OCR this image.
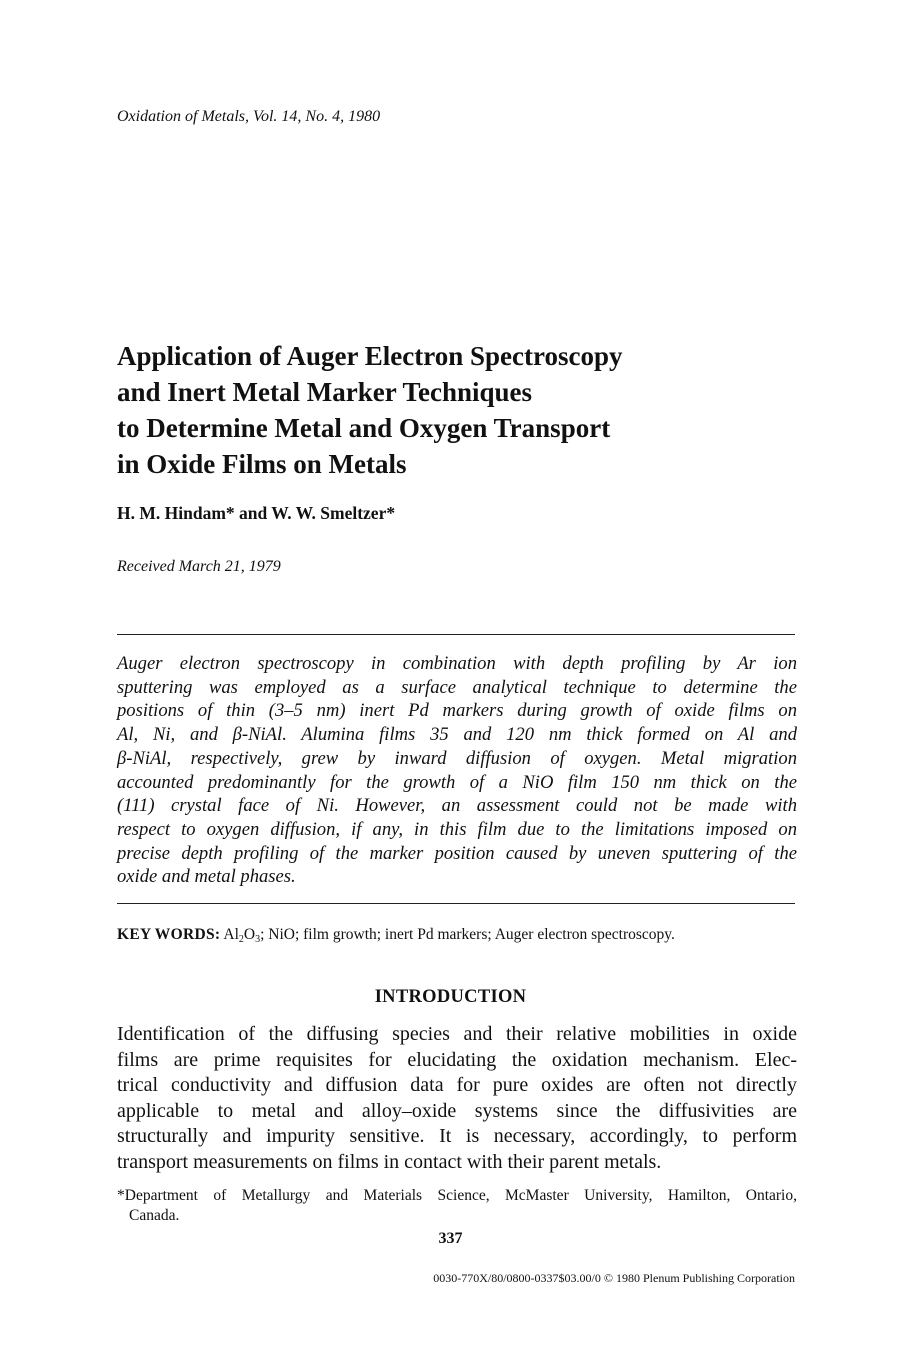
Oxidation of Metals, Vol. 14, No. 4, 1980
Application of Auger Electron Spectroscopy
and Inert Metal Marker Techniques
to Determine Metal and Oxygen Transport
in Oxide Films on Metals
H. M. Hindam* and W. W. Smeltzer*
Received March 21, 1979
Auger electron spectroscopy in combination with depth profiling by Ar ion
sputtering was employed as a surface analytical technique to determine the
positions of thin (3–5 nm) inert Pd markers during growth of oxide films on
Al, Ni, and β-NiAl. Alumina films 35 and 120 nm thick formed on Al and
β-NiAl, respectively, grew by inward diffusion of oxygen. Metal migration
accounted predominantly for the growth of a NiO film 150 nm thick on the
(111) crystal face of Ni. However, an assessment could not be made with
respect to oxygen diffusion, if any, in this film due to the limitations imposed on
precise depth profiling of the marker position caused by uneven sputtering of the
oxide and metal phases.
KEY WORDS: $Al_2O_3$; NiO; film growth; inert Pd markers; Auger electron spectroscopy.
INTRODUCTION
Identification of the diffusing species and their relative mobilities in oxide
films are prime requisites for elucidating the oxidation mechanism. Elec-
trical conductivity and diffusion data for pure oxides are often not directly
applicable to metal and alloy–oxide systems since the diffusivities are
structurally and impurity sensitive. It is necessary, accordingly, to perform
transport measurements on films in contact with their parent metals.
*Department of Metallurgy and Materials Science, McMaster University, Hamilton, Ontario,
Canada.
337
0030-770X/80/0800-0337$03.00/0 © 1980 Plenum Publishing Corporation
